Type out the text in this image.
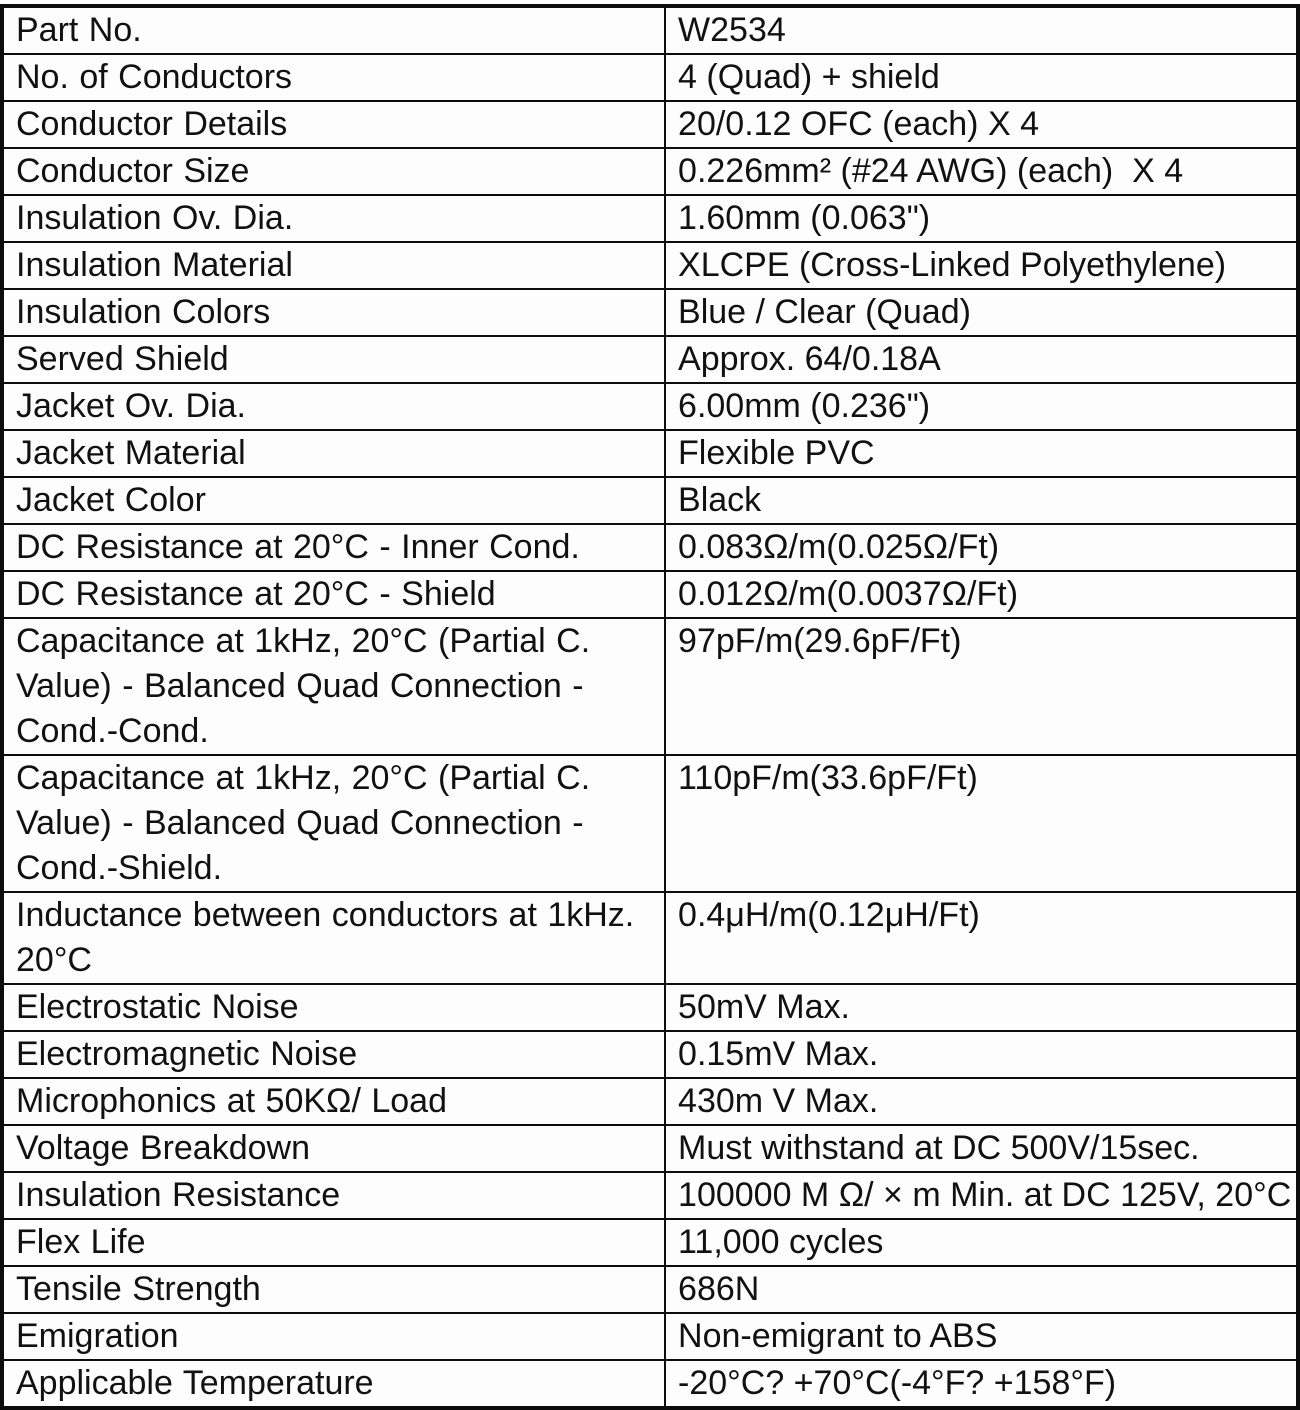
Part No.	W2534
No. of Conductors	4 (Quad) + shield
Conductor Details	20/0.12 OFC (each) X 4
Conductor Size	0.226mm² (#24 AWG) (each)  X 4
Insulation Ov. Dia.	1.60mm (0.063")
Insulation Material	XLCPE (Cross-Linked Polyethylene)
Insulation Colors	Blue / Clear (Quad)
Served Shield	Approx. 64/0.18A
Jacket Ov. Dia.	6.00mm (0.236")
Jacket Material	Flexible PVC
Jacket Color	Black
DC Resistance at 20°C - Inner Cond.	0.083Ω/m(0.025Ω/Ft)
DC Resistance at 20°C - Shield	0.012Ω/m(0.0037Ω/Ft)
Capacitance at 1kHz, 20°C (Partial C. Value) - Balanced Quad Connection - Cond.-Cond.	97pF/m(29.6pF/Ft)
Capacitance at 1kHz, 20°C (Partial C. Value) - Balanced Quad Connection - Cond.-Shield.	110pF/m(33.6pF/Ft)
Inductance between conductors at 1kHz. 20°C	0.4μH/m(0.12μH/Ft)
Electrostatic Noise	50mV Max.
Electromagnetic Noise	0.15mV Max.
Microphonics at 50KΩ/ Load	430m V Max.
Voltage Breakdown	Must withstand at DC 500V/15sec.
Insulation Resistance	100000 M Ω/ × m Min. at DC 125V, 20°C
Flex Life	11,000 cycles
Tensile Strength	686N
Emigration	Non-emigrant to ABS
Applicable Temperature	-20°C? +70°C(-4°F? +158°F)
